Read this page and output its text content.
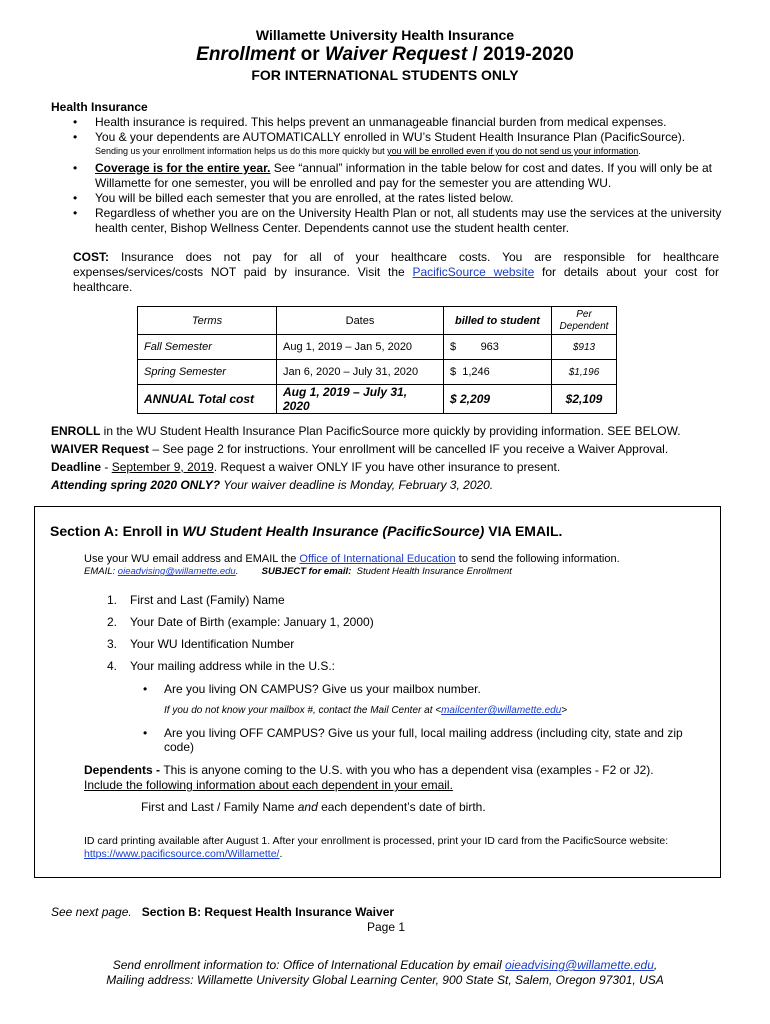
Willamette University Health Insurance
Enrollment or Waiver Request / 2019-2020
FOR INTERNATIONAL STUDENTS ONLY
Health Insurance
• Health insurance is required. This helps prevent an unmanageable financial burden from medical expenses.
• You & your dependents are AUTOMATICALLY enrolled in WU’s Student Health Insurance Plan (PacificSource).
Sending us your enrollment information helps us do this more quickly but you will be enrolled even if you do not send us your information.
• Coverage is for the entire year. See “annual” information in the table below for cost and dates. If you will only be at Willamette for one semester, you will be enrolled and pay for the semester you are attending WU.
• You will be billed each semester that you are enrolled, at the rates listed below.
• Regardless of whether you are on the University Health Plan or not, all students may use the services at the university health center, Bishop Wellness Center. Dependents cannot use the student health center.
COST: Insurance does not pay for all of your healthcare costs. You are responsible for healthcare expenses/services/costs NOT paid by insurance. Visit the PacificSource website for details about your cost for healthcare.
Terms	Dates	billed to student	Per Dependent
Fall Semester	Aug 1, 2019 – Jan 5, 2020	$        963	$913
Spring Semester	Jan 6, 2020 – July 31, 2020	$  1,246	$1,196
ANNUAL Total cost	Aug 1, 2019 – July 31, 2020	$ 2,209	$2,109
ENROLL in the WU Student Health Insurance Plan PacificSource more quickly by providing information. SEE BELOW.
WAIVER Request – See page 2 for instructions. Your enrollment will be cancelled IF you receive a Waiver Approval.
Deadline - September 9, 2019. Request a waiver ONLY IF you have other insurance to present.
Attending spring 2020 ONLY? Your waiver deadline is Monday, February 3, 2020.
Section A: Enroll in WU Student Health Insurance (PacificSource) VIA EMAIL.
Use your WU email address and EMAIL the Office of International Education to send the following information.
EMAIL: oieadvising@willamette.edu. SUBJECT for email:  Student Health Insurance Enrollment
1. First and Last (Family) Name
2. Your Date of Birth (example: January 1, 2000)
3. Your WU Identification Number
4. Your mailing address while in the U.S.:
• Are you living ON CAMPUS? Give us your mailbox number.
If you do not know your mailbox #, contact the Mail Center at <mailcenter@willamette.edu>
• Are you living OFF CAMPUS? Give us your full, local mailing address (including city, state and zip code)
Dependents - This is anyone coming to the U.S. with you who has a dependent visa (examples - F2 or J2).
Include the following information about each dependent in your email.
First and Last / Family Name and each dependent’s date of birth.
ID card printing available after August 1. After your enrollment is processed, print your ID card from the PacificSource website: https://www.pacificsource.com/Willamette/.
See next page. Section B: Request Health Insurance Waiver
Page 1
Send enrollment information to: Office of International Education by email oieadvising@willamette.edu,
Mailing address: Willamette University Global Learning Center, 900 State St, Salem, Oregon 97301, USA
